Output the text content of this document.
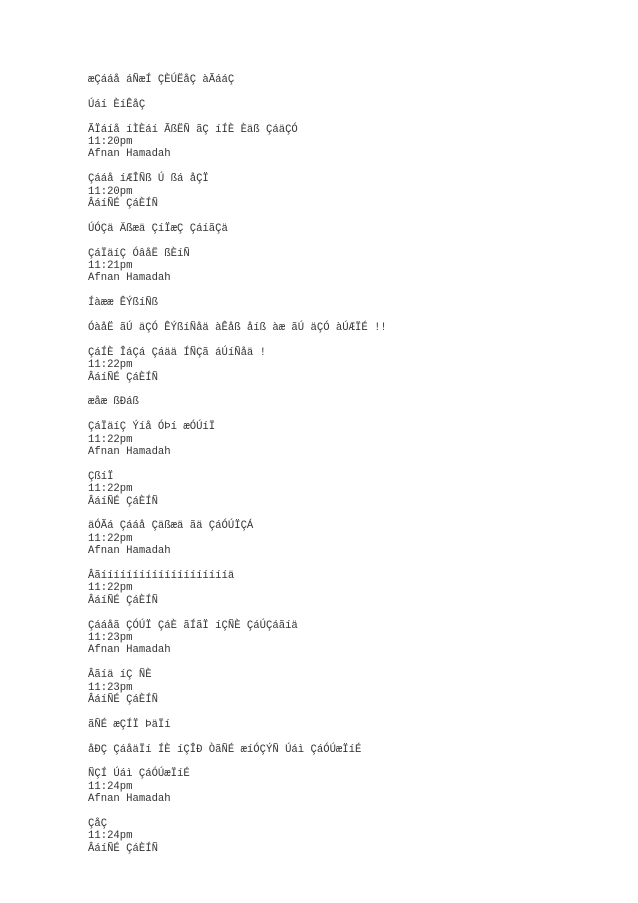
æÇááå áÑæÍ ÇÈÚËåÇ àÃááÇ
Úáí ÈíÊåÇ
ÃÏáíå íÌÈáí ÃßËÑ ãÇ íÍÈ Èäß ÇáäÇÓ
11:20pm
Afnan Hamadah
Çááå íÆÎÑß Ú ßá åÇÏ
11:20pm
ÂáíÑÉ ÇáÈÍÑ
ÚÓÇä Äßæä ÇíÏæÇ ÇáíãÇä
ÇáÏäíÇ ÓâåË ßÈíÑ
11:21pm
Afnan Hamadah
Íàææ ÊÝßíÑß
ÓàåË ãÚ äÇÓ ÊÝßíÑåä àÊåß åíß àæ ãÚ äÇÓ àÚÆÏÉ !!
ÇáÍÈ ÎáÇá Çáää ÍÑÇã áÚíÑåä !
11:22pm
ÂáíÑÉ ÇáÈÍÑ
æåæ ßÐáß
ÇáÏäíÇ Ýíå ÓÞí æÓÚíÏ
11:22pm
Afnan Hamadah
ÇßíÏ
11:22pm
ÂáíÑÉ ÇáÈÍÑ
äÓÃá Çááå Çäßæä ãä ÇáÓÚÏÇÁ
11:22pm
Afnan Hamadah
Âãííííííííííííííííííííä
11:22pm
ÂáíÑÉ ÇáÈÍÑ
Çááåã ÇÓÚÏ ÇáÈ ãÍãÏ íÇÑÈ ÇáÚÇáãíä
11:23pm
Afnan Hamadah
Âãíä íÇ ÑÈ
11:23pm
ÂáíÑÉ ÇáÈÍÑ
ãÑÉ æÇÍÏ ÞäÏí
åÐÇ ÇáåäÏí ÍÈ íÇÎÐ ÒãÑÉ æíÓÇÝÑ Úáì ÇáÓÚæÏíÉ
ÑÇÍ Úáì ÇáÓÚæÏíÉ
11:24pm
Afnan Hamadah
ÇåÇ
11:24pm
ÂáíÑÉ ÇáÈÍÑ
